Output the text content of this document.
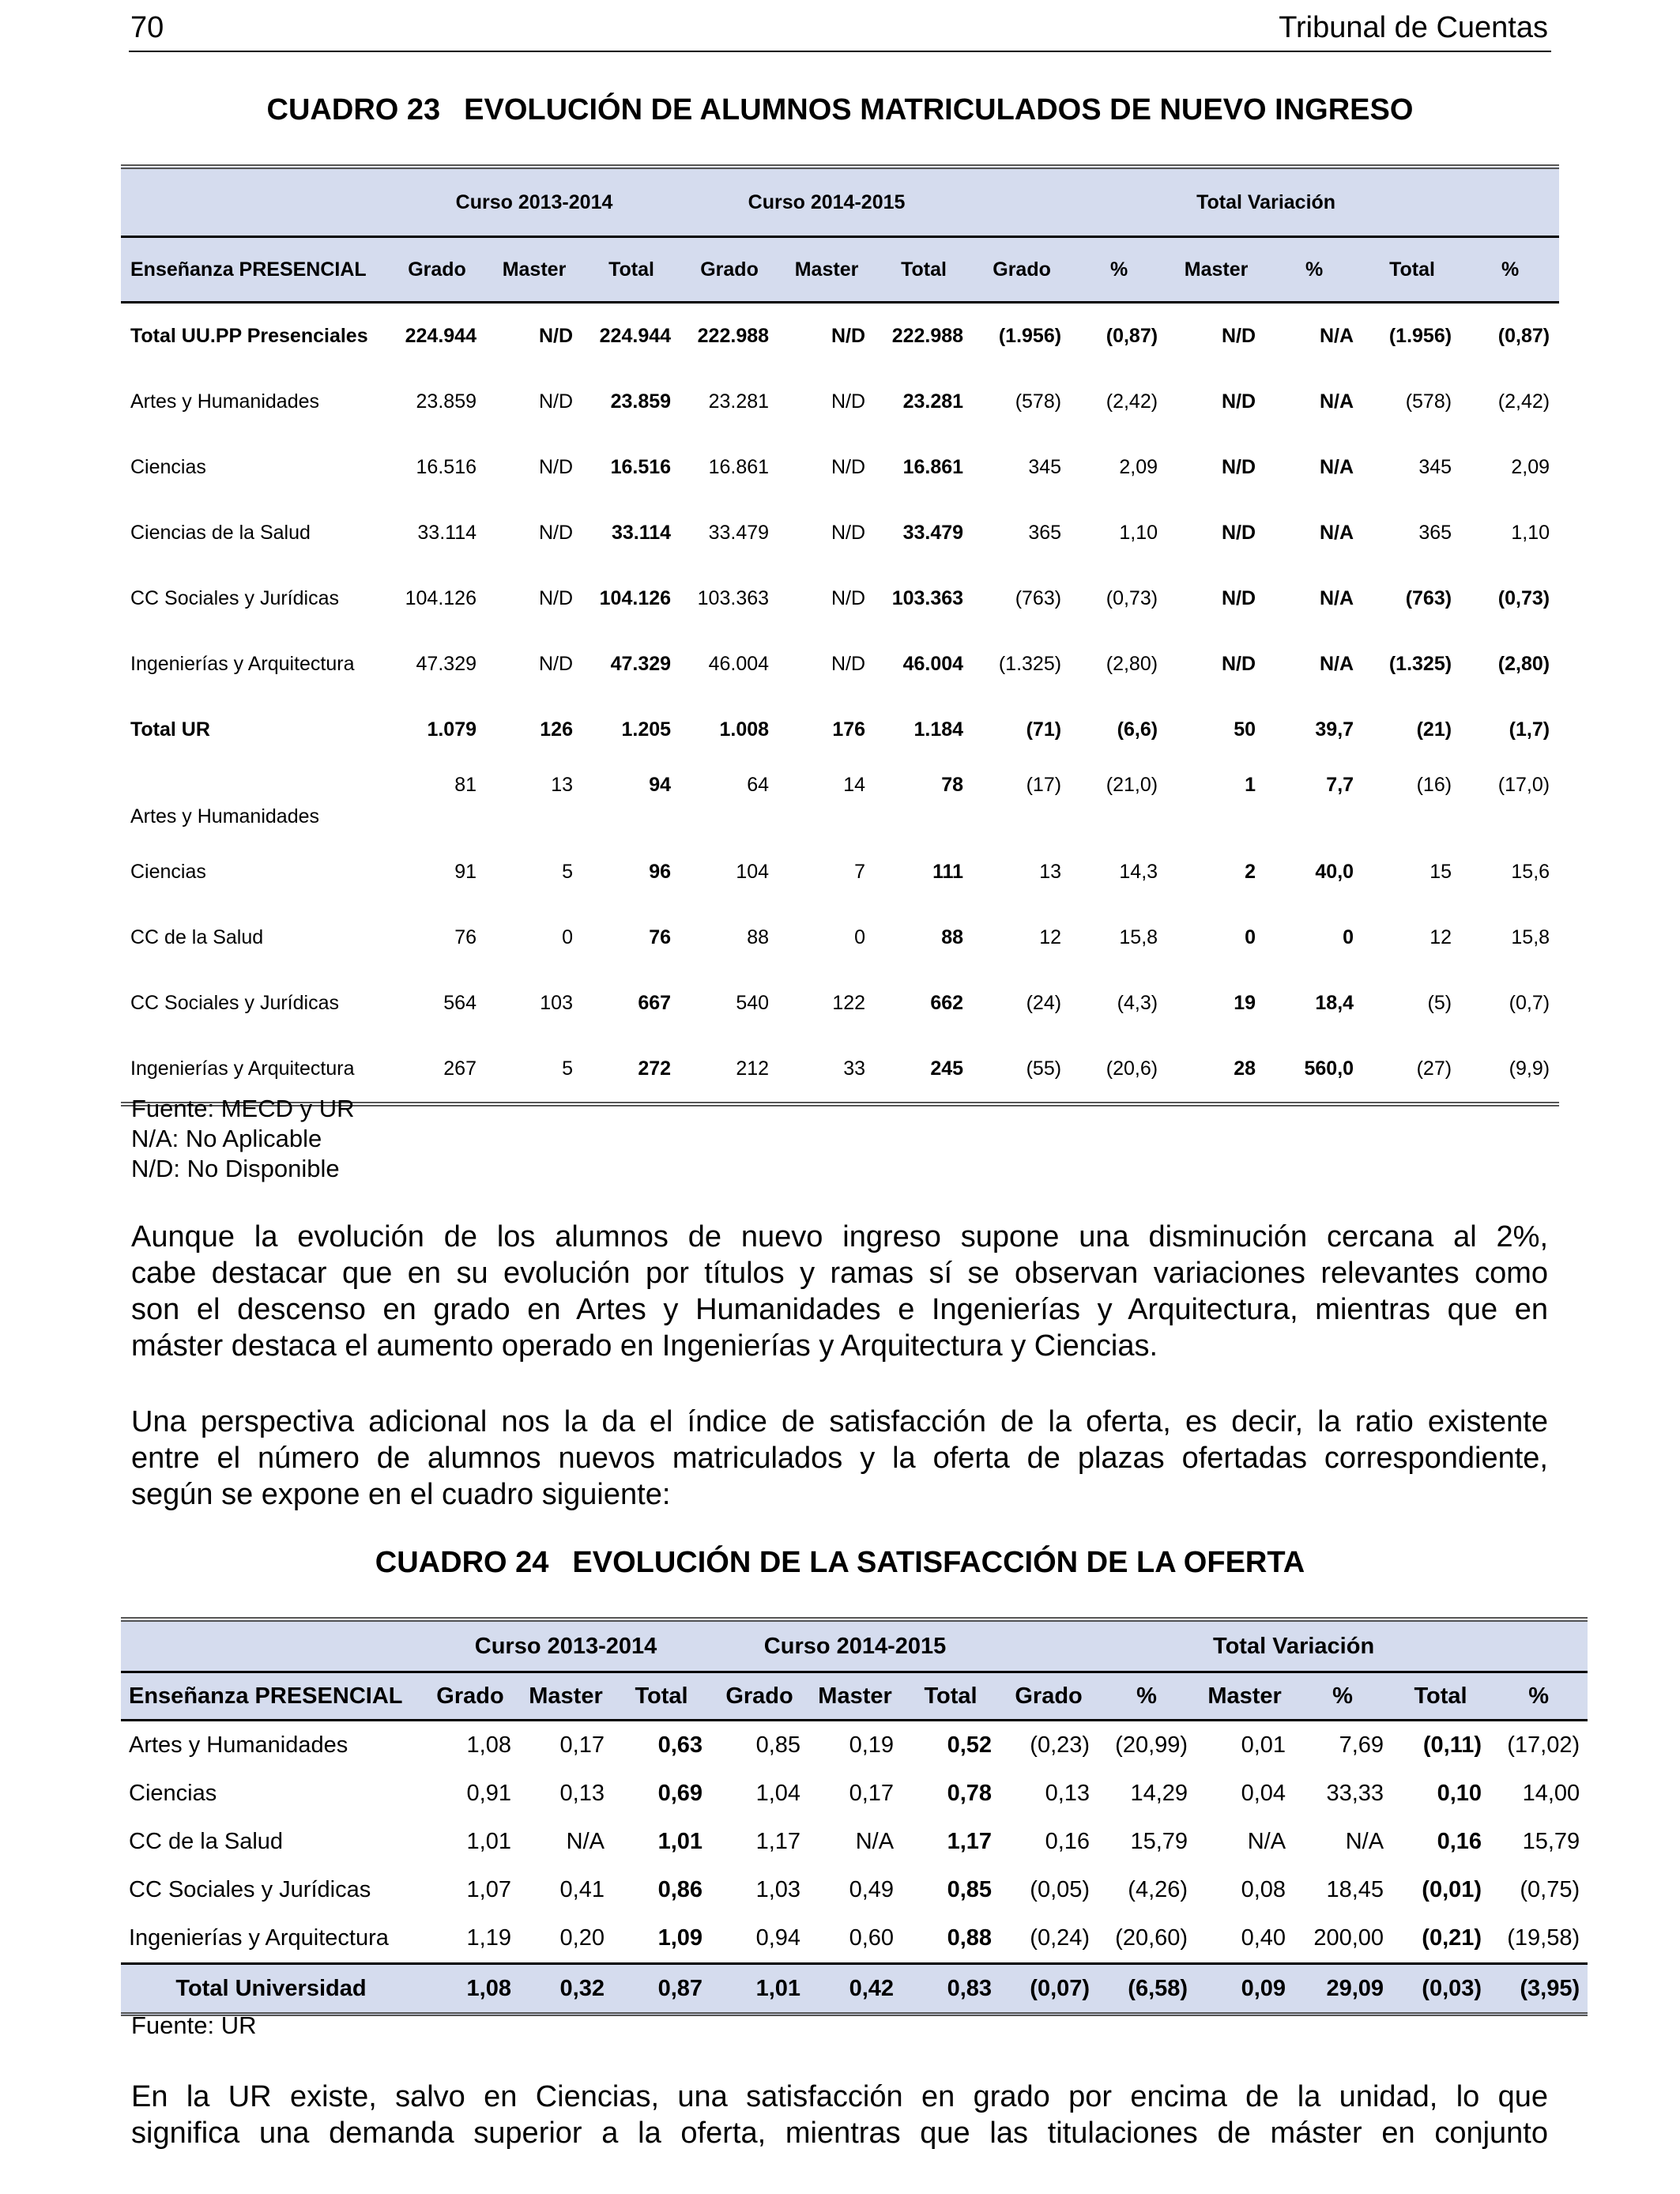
70	Tribunal de Cuentas
CUADRO 23 EVOLUCIÓN DE ALUMNOS MATRICULADOS DE NUEVO INGRESO
	Curso 2013-2014			Curso 2014-2015			Total Variación					
Enseñanza PRESENCIAL	Grado	Master	Total	Grado	Master	Total	Grado	%	Master	%	Total	%
Total UU.PP Presenciales	224.944	N/D	224.944	222.988	N/D	222.988	(1.956)	(0,87)	N/D	N/A	(1.956)	(0,87)
Artes y Humanidades	23.859	N/D	23.859	23.281	N/D	23.281	(578)	(2,42)	N/D	N/A	(578)	(2,42)
Ciencias	16.516	N/D	16.516	16.861	N/D	16.861	345	2,09	N/D	N/A	345	2,09
Ciencias de la Salud	33.114	N/D	33.114	33.479	N/D	33.479	365	1,10	N/D	N/A	365	1,10
CC Sociales y Jurídicas	104.126	N/D	104.126	103.363	N/D	103.363	(763)	(0,73)	N/D	N/A	(763)	(0,73)
Ingenierías y Arquitectura	47.329	N/D	47.329	46.004	N/D	46.004	(1.325)	(2,80)	N/D	N/A	(1.325)	(2,80)
Total UR	1.079	126	1.205	1.008	176	1.184	(71)	(6,6)	50	39,7	(21)	(1,7)
Artes y Humanidades	81	13	94	64	14	78	(17)	(21,0)	1	7,7	(16)	(17,0)
Ciencias	91	5	96	104	7	111	13	14,3	2	40,0	15	15,6
CC de la Salud	76	0	76	88	0	88	12	15,8	0	0	12	15,8
CC Sociales y Jurídicas	564	103	667	540	122	662	(24)	(4,3)	19	18,4	(5)	(0,7)
Ingenierías y Arquitectura	267	5	272	212	33	245	(55)	(20,6)	28	560,0	(27)	(9,9)
Fuente: MECD y UR
N/A: No Aplicable
N/D: No Disponible
Aunque la evolución de los alumnos de nuevo ingreso supone una disminución cercana al 2%,
cabe destacar que en su evolución por títulos y ramas sí se observan variaciones relevantes como
son el descenso en grado en Artes y Humanidades e Ingenierías y Arquitectura, mientras que en
máster destaca el aumento operado en Ingenierías y Arquitectura y Ciencias.
Una perspectiva adicional nos la da el índice de satisfacción de la oferta, es decir, la ratio existente
entre el número de alumnos nuevos matriculados y la oferta de plazas ofertadas correspondiente,
según se expone en el cuadro siguiente:
CUADRO 24 EVOLUCIÓN DE LA SATISFACCIÓN DE LA OFERTA
	Curso 2013-2014			Curso 2014-2015			Total Variación					
Enseñanza PRESENCIAL	Grado	Master	Total	Grado	Master	Total	Grado	%	Master	%	Total	%
Artes y Humanidades	1,08	0,17	0,63	0,85	0,19	0,52	(0,23)	(20,99)	0,01	7,69	(0,11)	(17,02)
Ciencias	0,91	0,13	0,69	1,04	0,17	0,78	0,13	14,29	0,04	33,33	0,10	14,00
CC de la Salud	1,01	N/A	1,01	1,17	N/A	1,17	0,16	15,79	N/A	N/A	0,16	15,79
CC Sociales y Jurídicas	1,07	0,41	0,86	1,03	0,49	0,85	(0,05)	(4,26)	0,08	18,45	(0,01)	(0,75)
Ingenierías y Arquitectura	1,19	0,20	1,09	0,94	0,60	0,88	(0,24)	(20,60)	0,40	200,00	(0,21)	(19,58)
Total Universidad	1,08	0,32	0,87	1,01	0,42	0,83	(0,07)	(6,58)	0,09	29,09	(0,03)	(3,95)
Fuente: UR
En la UR existe, salvo en Ciencias, una satisfacción en grado por encima de la unidad, lo que
significa una demanda superior a la oferta, mientras que las titulaciones de máster en conjunto
